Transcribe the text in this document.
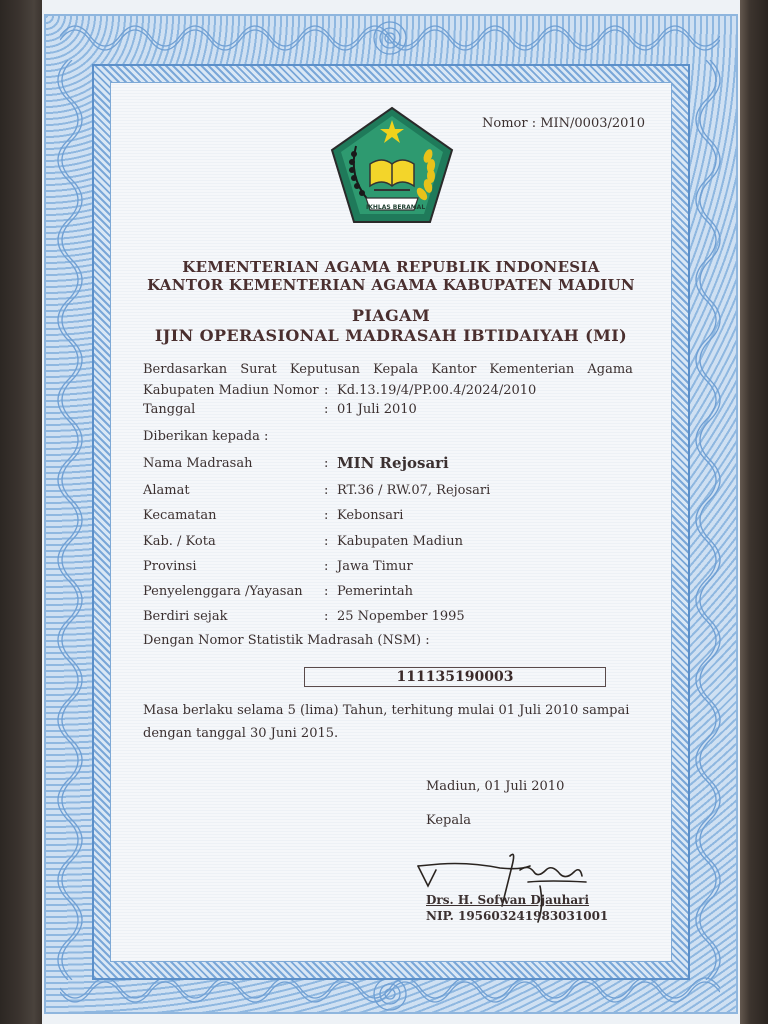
Nomor : MIN/0003/2010
IKHLAS BERAMAL
KEMENTERIAN AGAMA REPUBLIK INDONESIA
KANTOR KEMENTERIAN AGAMA KABUPATEN MADIUN
PIAGAM
IJIN OPERASIONAL MADRASAH IBTIDAIYAH (MI)
Berdasarkan Surat Keputusan Kepala Kantor Kementerian Agama
Kabupaten Madiun Nomor : Kd.13.19/4/PP.00.4/2024/2010
Tanggal	: 01 Juli 2010
Diberikan kepada :
Nama Madrasah	: MIN Rejosari
Alamat	: RT.36 / RW.07, Rejosari
Kecamatan	: Kebonsari
Kab. / Kota	: Kabupaten Madiun
Provinsi	: Jawa Timur
Penyelenggara /Yayasan : Pemerintah
Berdiri sejak	: 25 Nopember 1995
Dengan Nomor Statistik Madrasah (NSM) :
111135190003
Masa berlaku selama 5 (lima) Tahun, terhitung mulai 01 Juli 2010 sampai
dengan tanggal 30 Juni 2015.
Madiun, 01 Juli 2010
Kepala
Drs. H. Sofwan Djauhari
NIP. 195603241983031001
